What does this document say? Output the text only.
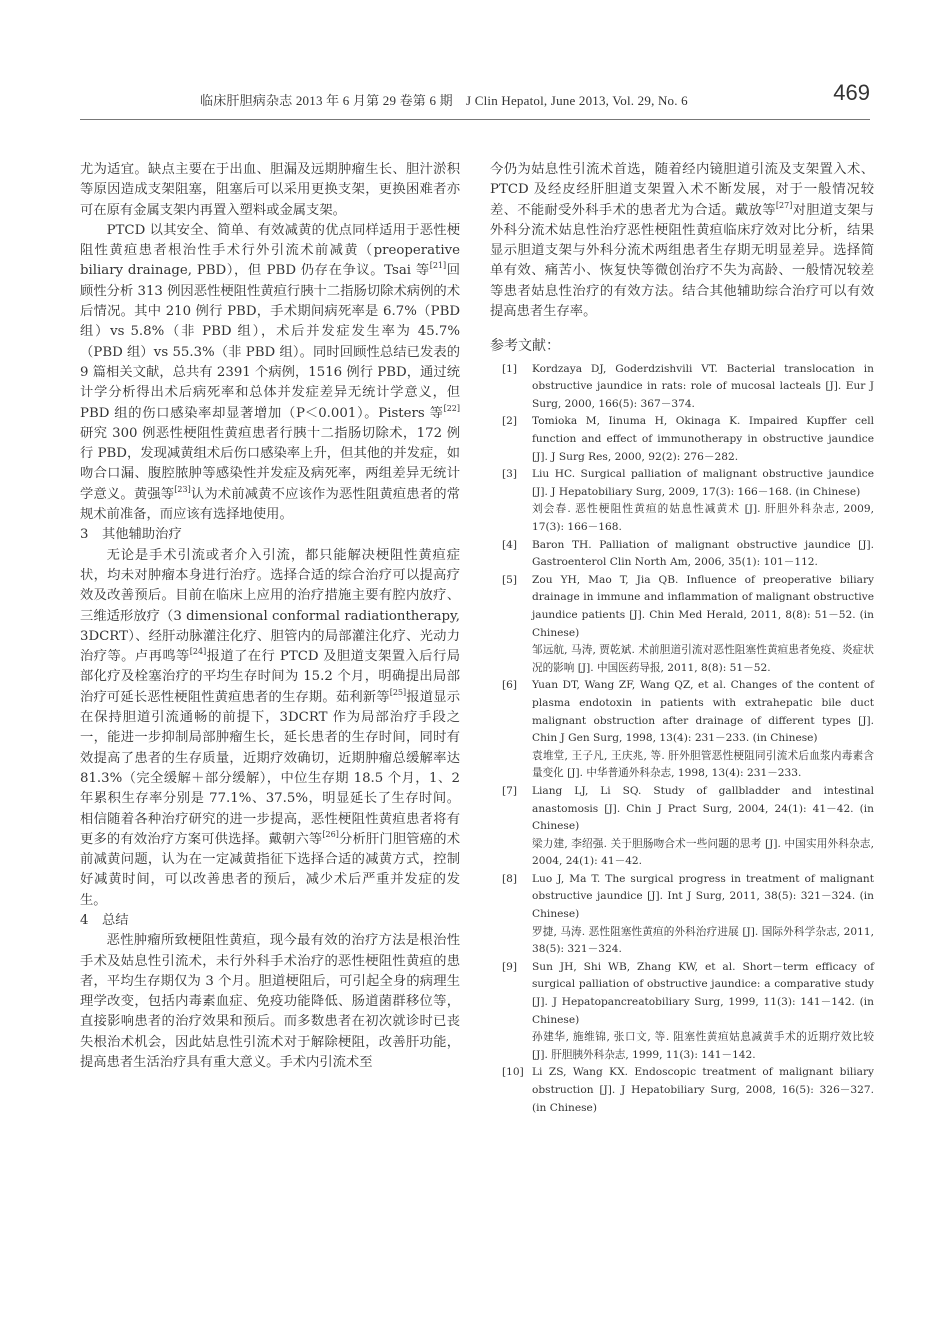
临床肝胆病杂志 2013 年 6 月第 29 卷第 6 期　J Clin Hepatol, June 2013, Vol. 29, No. 6	469

尤为适宜。缺点主要在于出血、胆漏及远期肿瘤生长、胆汁淤积等原因造成支架阻塞，阻塞后可以采用更换支架，更换困难者亦可在原有金属支架内再置入塑料或金属支架。

PTCD 以其安全、简单、有效减黄的优点同样适用于恶性梗阻性黄疸患者根治性手术行外引流术前减黄（preoperative biliary drainage, PBD），但 PBD 仍存在争议。Tsai 等[21]回顾性分析 313 例因恶性梗阻性黄疸行胰十二指肠切除术病例的术后情况。其中 210 例行 PBD，手术期间病死率是 6.7%（PBD 组）vs 5.8%（非 PBD 组），术后并发症发生率为 45.7%（PBD 组）vs 55.3%（非 PBD 组）。同时回顾性总结已发表的 9 篇相关文献，总共有 2391 个病例，1516 例行 PBD，通过统计学分析得出术后病死率和总体并发症差异无统计学意义，但 PBD 组的伤口感染率却显著增加（P＜0.001）。Pisters 等[22]研究 300 例恶性梗阻性黄疸患者行胰十二指肠切除术，172 例行 PBD，发现减黄组术后伤口感染率上升，但其他的并发症，如吻合口漏、腹腔脓肿等感染性并发症及病死率，两组差异无统计学意义。黄强等[23]认为术前减黄不应该作为恶性阻黄疸患者的常规术前准备，而应该有选择地使用。

3 其他辅助治疗

无论是手术引流或者介入引流，都只能解决梗阻性黄疸症状，均未对肿瘤本身进行治疗。选择合适的综合治疗可以提高疗效及改善预后。目前在临床上应用的治疗措施主要有腔内放疗、三维适形放疗（3 dimensional conformal radiationtherapy, 3DCRT）、经肝动脉灌注化疗、胆管内的局部灌注化疗、光动力治疗等。卢再鸣等[24]报道了在行 PTCD 及胆道支架置入后行局部化疗及栓塞治疗的平均生存时间为 15.2 个月，明确提出局部治疗可延长恶性梗阻性黄疸患者的生存期。茹利新等[25]报道显示在保持胆道引流通畅的前提下，3DCRT 作为局部治疗手段之一，能进一步抑制局部肿瘤生长，延长患者的生存时间，同时有效提高了患者的生存质量，近期疗效确切，近期肿瘤总缓解率达 81.3%（完全缓解＋部分缓解），中位生存期 18.5 个月，1、2 年累积生存率分别是 77.1%、37.5%，明显延长了生存时间。相信随着各种治疗研究的进一步提高，恶性梗阻性黄疸患者将有更多的有效治疗方案可供选择。戴朝六等[26]分析肝门胆管癌的术前减黄问题，认为在一定减黄指征下选择合适的减黄方式，控制好减黄时间，可以改善患者的预后，减少术后严重并发症的发生。

4 总结

恶性肿瘤所致梗阻性黄疸，现今最有效的治疗方法是根治性手术及姑息性引流术，未行外科手术治疗的恶性梗阻性黄疸的患者，平均生存期仅为 3 个月。胆道梗阻后，可引起全身的病理生理学改变，包括内毒素血症、免疫功能降低、肠道菌群移位等，直接影响患者的治疗效果和预后。而多数患者在初次就诊时已丧失根治术机会，因此姑息性引流术对于解除梗阻，改善肝功能，提高患者生活治疗具有重大意义。手术内引流术至

今仍为姑息性引流术首选，随着经内镜胆道引流及支架置入术、PTCD 及经皮经肝胆道支架置入术不断发展，对于一般情况较差、不能耐受外科手术的患者尤为合适。戴放等[27]对胆道支架与外科分流术姑息性治疗恶性梗阻性黄疸临床疗效对比分析，结果显示胆道支架与外科分流术两组患者生存期无明显差异。选择简单有效、痛苦小、恢复快等微创治疗不失为高龄、一般情况较差等患者姑息性治疗的有效方法。结合其他辅助综合治疗可以有效提高患者生存率。

参考文献：
[1] Kordzaya DJ, Goderdzishvili VT. Bacterial translocation in obstructive jaundice in rats: role of mucosal lacteals [J]. Eur J Surg, 2000, 166(5): 367－374.
[2] Tomioka M, Iinuma H, Okinaga K. Impaired Kupffer cell function and effect of immunotherapy in obstructive jaundice [J]. J Surg Res, 2000, 92(2): 276－282.
[3] Liu HC. Surgical palliation of malignant obstructive jaundice [J]. J Hepatobiliary Surg, 2009, 17(3): 166－168. (in Chinese)
刘会春. 恶性梗阻性黄疸的姑息性减黄术 [J]. 肝胆外科杂志, 2009, 17(3): 166－168.
[4] Baron TH. Palliation of malignant obstructive jaundice [J]. Gastroenterol Clin North Am, 2006, 35(1): 101－112.
[5] Zou YH, Mao T, Jia QB. Influence of preoperative biliary drainage in immune and inflammation of malignant obstructive jaundice patients [J]. Chin Med Herald, 2011, 8(8): 51－52. (in Chinese)
邹远航, 马涛, 贾乾斌. 术前胆道引流对恶性阻塞性黄疸患者免疫、炎症状况的影响 [J]. 中国医药导报, 2011, 8(8): 51－52.
[6] Yuan DT, Wang ZF, Wang QZ, et al. Changes of the content of plasma endotoxin in patients with extrahepatic bile duct malignant obstruction after drainage of different types [J]. Chin J Gen Surg, 1998, 13(4): 231－233. (in Chinese)
袁堆堂, 王子凡, 王庆兆, 等. 肝外胆管恶性梗阻同引流术后血浆内毒素含量变化 [J]. 中华普通外科杂志, 1998, 13(4): 231－233.
[7] Liang LJ, Li SQ. Study of gallbladder and intestinal anastomosis [J]. Chin J Pract Surg, 2004, 24(1): 41－42. (in Chinese)
梁力建, 李绍强. 关于胆肠吻合术一些问题的思考 [J]. 中国实用外科杂志, 2004, 24(1): 41－42.
[8] Luo J, Ma T. The surgical progress in treatment of malignant obstructive jaundice [J]. Int J Surg, 2011, 38(5): 321－324. (in Chinese)
罗捷, 马涛. 恶性阻塞性黄疸的外科治疗进展 [J]. 国际外科学杂志, 2011, 38(5): 321－324.
[9] Sun JH, Shi WB, Zhang KW, et al. Short－term efficacy of surgical palliation of obstructive jaundice: a comparative study [J]. J Hepatopancreatobiliary Surg, 1999, 11(3): 141－142. (in Chinese)
孙建华, 施维锦, 张口文, 等. 阻塞性黄疸姑息减黄手术的近期疗效比较 [J]. 肝胆胰外科杂志, 1999, 11(3): 141－142.
[10] Li ZS, Wang KX. Endoscopic treatment of malignant biliary obstruction [J]. J Hepatobiliary Surg, 2008, 16(5): 326－327. (in Chinese)
